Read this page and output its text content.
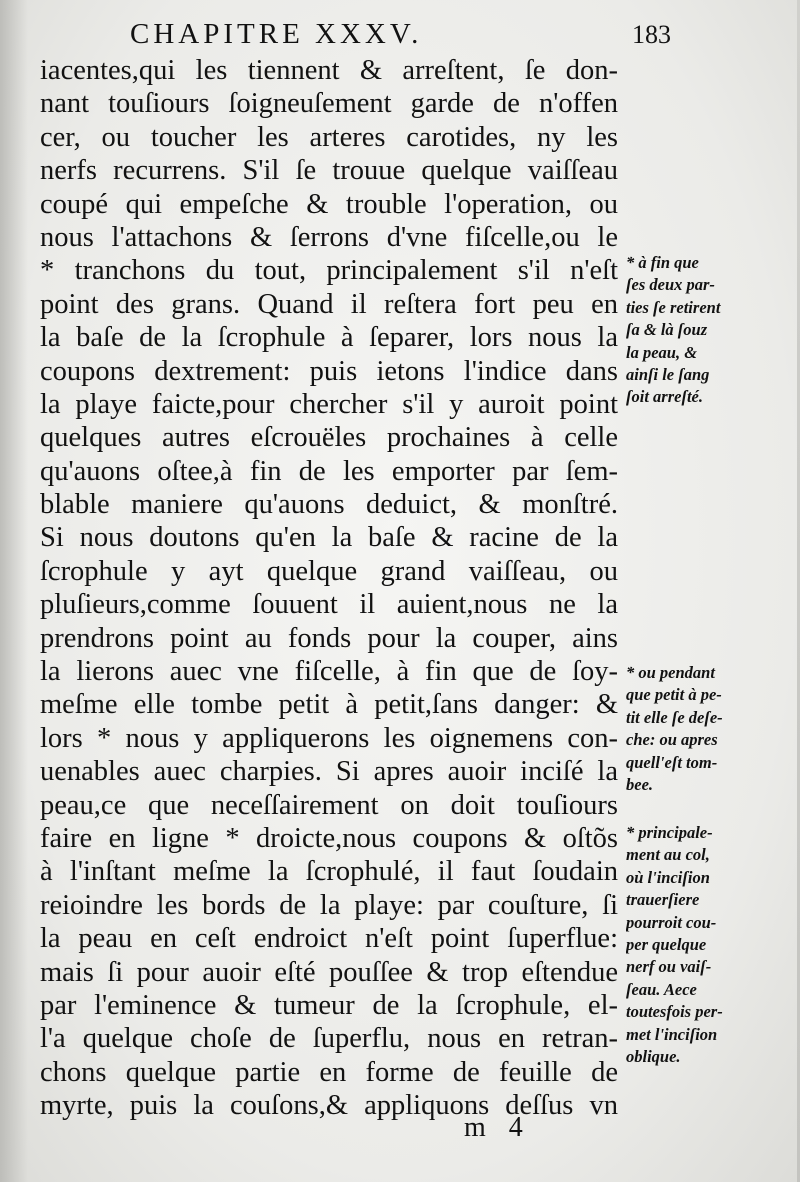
CHAPITRE XXXV.	183
iacentes,qui les tiennent & arreſtent, ſe don-
nant touſiours ſoigneuſement garde de n'offen
cer, ou toucher les arteres carotides, ny les
nerfs recurrens. S'il ſe trouue quelque vaiſſeau
coupé qui empeſche & trouble l'operation, ou
nous l'attachons & ſerrons d'vne fiſcelle,ou le
* tranchons du tout, principalement s'il n'eſt
point des grans. Quand il reſtera fort peu en
la baſe de la ſcrophule à ſeparer, lors nous la
coupons dextrement: puis ietons l'indice dans
la playe faicte,pour chercher s'il y auroit point
quelques autres eſcrouëles prochaines à celle
qu'auons oſtee,à fin de les emporter par ſem-
blable maniere qu'auons deduict, & monſtré.
Si nous doutons qu'en la baſe & racine de la
ſcrophule y ayt quelque grand vaiſſeau, ou
pluſieurs,comme ſouuent il auient,nous ne la
prendrons point au fonds pour la couper, ains
la lierons auec vne fiſcelle, à fin que de ſoy-
meſme elle tombe petit à petit,ſans danger: &
lors * nous y appliquerons les oignemens con-
uenables auec charpies. Si apres auoir inciſé la
peau,ce que neceſſairement on doit touſiours
faire en ligne * droicte,nous coupons & oſtõs
à l'inſtant meſme la ſcrophulé, il faut ſoudain
reioindre les bords de la playe: par couſture, ſi
la peau en ceſt endroict n'eſt point ſuperflue:
mais ſi pour auoir eſté pouſſee & trop eſtendue
par l'eminence & tumeur de la ſcrophule, el-
l'a quelque choſe de ſuperflu, nous en retran-
chons quelque partie en forme de feuille de
myrte, puis la couſons,& appliquons deſſus vn
* à fin que
ſes deux par-
ties ſe retirent
ſa & là ſouz
la peau, &
ainſi le ſang
ſoit arreſté.
* ou pendant
que petit à pe-
tit elle ſe deſe-
che: ou apres
quell'eſt tom-
bee.
* principale-
ment au col,
où l'inciſion
trauerſiere
pourroit cou-
per quelque
nerf ou vaiſ-
ſeau. Aece
toutesfois per-
met l'inciſion
oblique.
m 4
